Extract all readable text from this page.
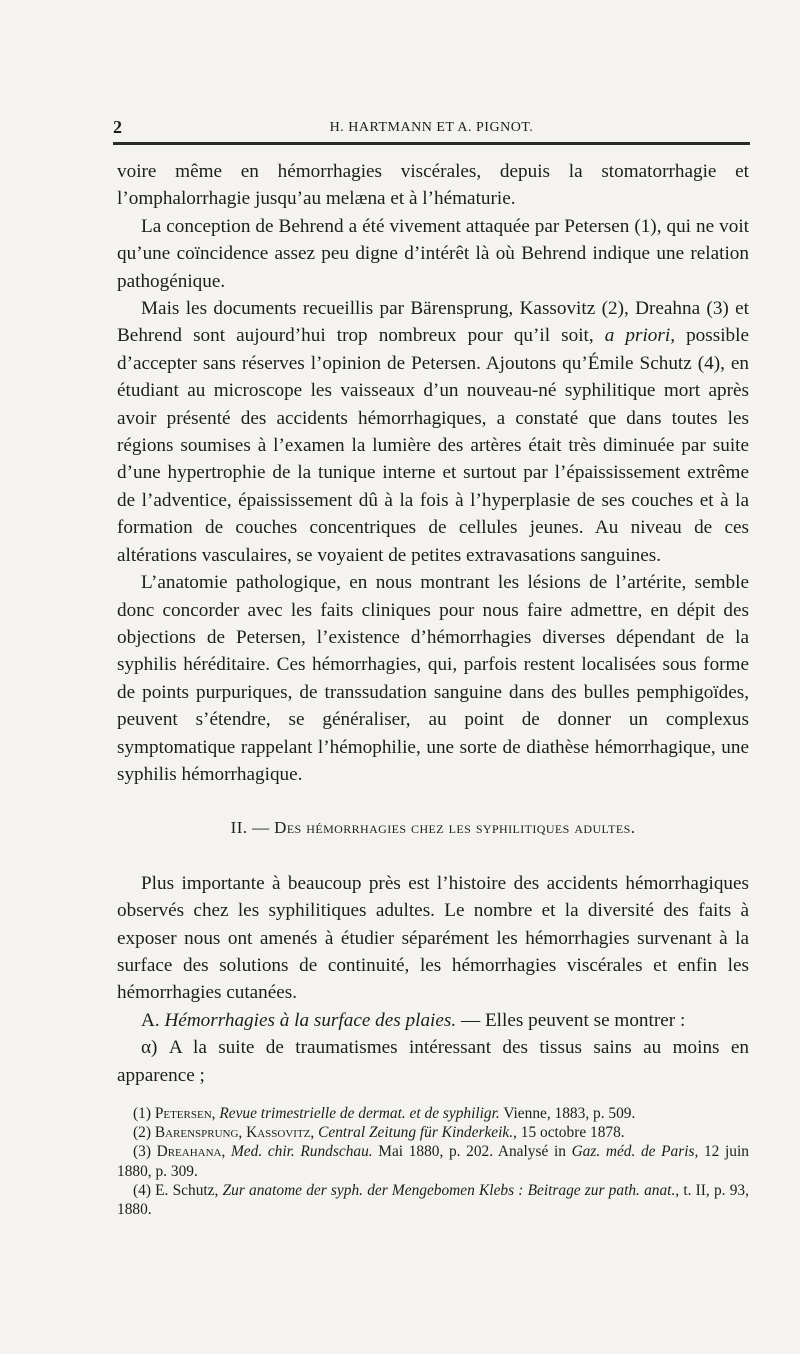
2	H. HARTMANN ET A. PIGNOT.

voire même en hémorrhagies viscérales, depuis la stomatorrhagie et l’omphalorrhagie jusqu’au melæna et à l’hématurie.

La conception de Behrend a été vivement attaquée par Petersen (1), qui ne voit qu’une coïncidence assez peu digne d’intérêt là où Behrend indique une relation pathogénique.

Mais les documents recueillis par Bärensprung, Kassovitz (2), Dreahna (3) et Behrend sont aujourd’hui trop nombreux pour qu’il soit, a priori, possible d’accepter sans réserves l’opinion de Petersen. Ajoutons qu’Émile Schutz (4), en étudiant au microscope les vaisseaux d’un nouveau-né syphilitique mort après avoir présenté des accidents hémorrhagiques, a constaté que dans toutes les régions soumises à l’examen la lumière des artères était très diminuée par suite d’une hypertrophie de la tunique interne et surtout par l’épaississement extrême de l’adventice, épaississement dû à la fois à l’hyperplasie de ses couches et à la formation de couches concentriques de cellules jeunes. Au niveau de ces altérations vasculaires, se voyaient de petites extravasations sanguines.

L’anatomie pathologique, en nous montrant les lésions de l’artérite, semble donc concorder avec les faits cliniques pour nous faire admettre, en dépit des objections de Petersen, l’existence d’hémorrhagies diverses dépendant de la syphilis héréditaire. Ces hémorrhagies, qui, parfois restent localisées sous forme de points purpuriques, de transsudation sanguine dans des bulles pemphigoïdes, peuvent s’étendre, se généraliser, au point de donner un complexus symptomatique rappelant l’hémophilie, une sorte de diathèse hémorrhagique, une syphilis hémorrhagique.

II. — Des hémorrhagies chez les syphilitiques adultes.

Plus importante à beaucoup près est l’histoire des accidents hémorrhagiques observés chez les syphilitiques adultes. Le nombre et la diversité des faits à exposer nous ont amenés à étudier séparément les hémorrhagies survenant à la surface des solutions de continuité, les hémorrhagies viscérales et enfin les hémorrhagies cutanées.

A. Hémorrhagies à la surface des plaies. — Elles peuvent se montrer :

α) A la suite de traumatismes intéressant des tissus sains au moins en apparence ;

(1) Petersen, Revue trimestrielle de dermat. et de syphiligr. Vienne, 1883, p. 509.

(2) Barensprung, Kassovitz, Central Zeitung für Kinderkeik., 15 octobre 1878.

(3) Dreahana, Med. chir. Rundschau. Mai 1880, p. 202. Analysé in Gaz. méd. de Paris, 12 juin 1880, p. 309.

(4) E. Schutz, Zur anatome der syph. der Mengebomen Klebs : Beitrage zur path. anat., t. II, p. 93, 1880.
